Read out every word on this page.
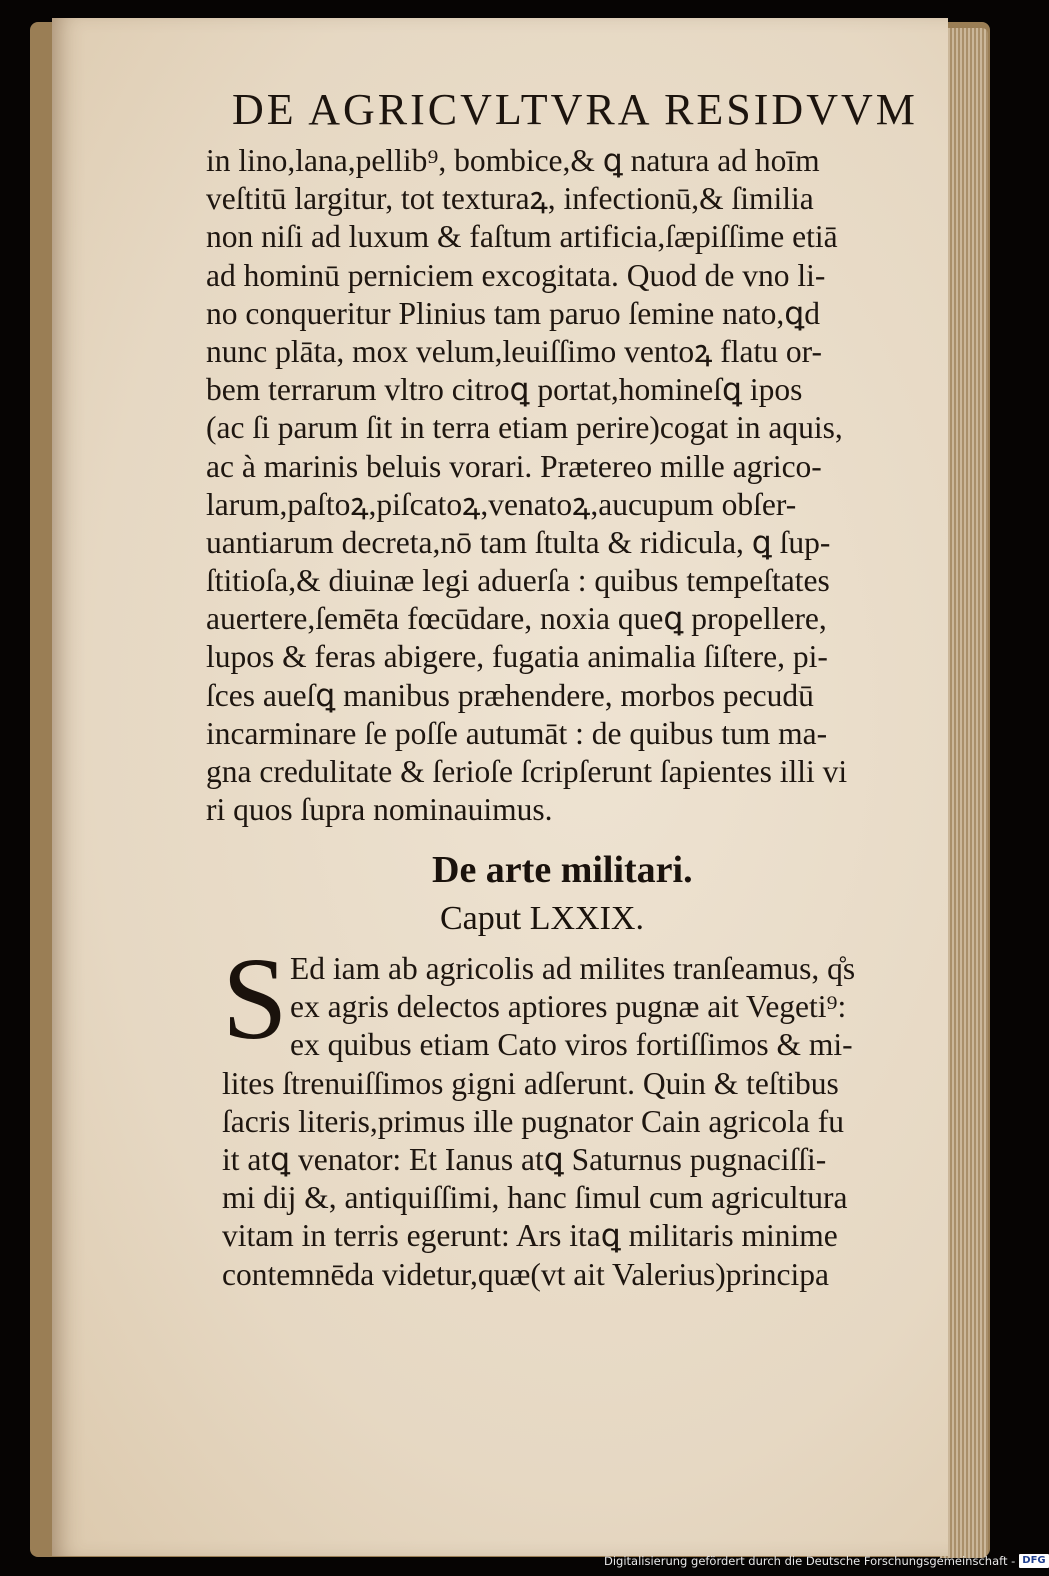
DE AGRICVLTVRA RESIDVVM
in lino,lana,pellib⁹, bombice,& ꝗ natura ad hoīm
veſtitū largitur, tot texturaꝝ, infectionū,& ſimilia
non niſi ad luxum & faſtum artificia,ſæpiſſime etiā
ad hominū perniciem excogitata. Quod de vno li-
no conqueritur Plinius tam paruo ſemine nato,ꝗd
nunc plāta, mox velum,leuiſſimo ventoꝝ flatu or-
bem terrarum vltro citroꝗ portat,homineſꝗ ipos
(ac ſi parum ſit in terra etiam perire)cogat in aquis,
ac à marinis beluis vorari. Prætereo mille agrico-
larum,paſtoꝝ,piſcatoꝝ,venatoꝝ,aucupum obſer-
uantiarum decreta,nō tam ſtulta & ridicula, ꝗ ſup-
ſtitioſa,& diuinæ legi aduerſa : quibus tempeſtates
auertere,ſemēta fœcūdare, noxia queꝗ propellere,
lupos & feras abigere, fugatia animalia ſiſtere, pi-
ſces aueſꝗ manibus præhendere, morbos pecudū
incarminare ſe poſſe autumāt : de quibus tum ma-
gna credulitate & ſerioſe ſcripſerunt ſapientes illi vi
ri quos ſupra nominauimus.
De arte militari.
Caput LXXIX.
S Ed iam ab agricolis ad milites tranſeamus, q̊s
ex agris delectos aptiores pugnæ ait Vegeti⁹:
ex quibus etiam Cato viros fortiſſimos & mi-
lites ſtrenuiſſimos gigni adſerunt. Quin & teſtibus
ſacris literis,primus ille pugnator Cain agricola fu
it atꝗ venator: Et Ianus atꝗ Saturnus pugnaciſſi-
mi dij &, antiquiſſimi, hanc ſimul cum agricultura
vitam in terris egerunt: Ars itaꝗ militaris minime
contemnēda videtur,quæ(vt ait Valerius)principa
Digitalisierung gefördert durch die Deutsche Forschungsgemeinschaft - DFG
